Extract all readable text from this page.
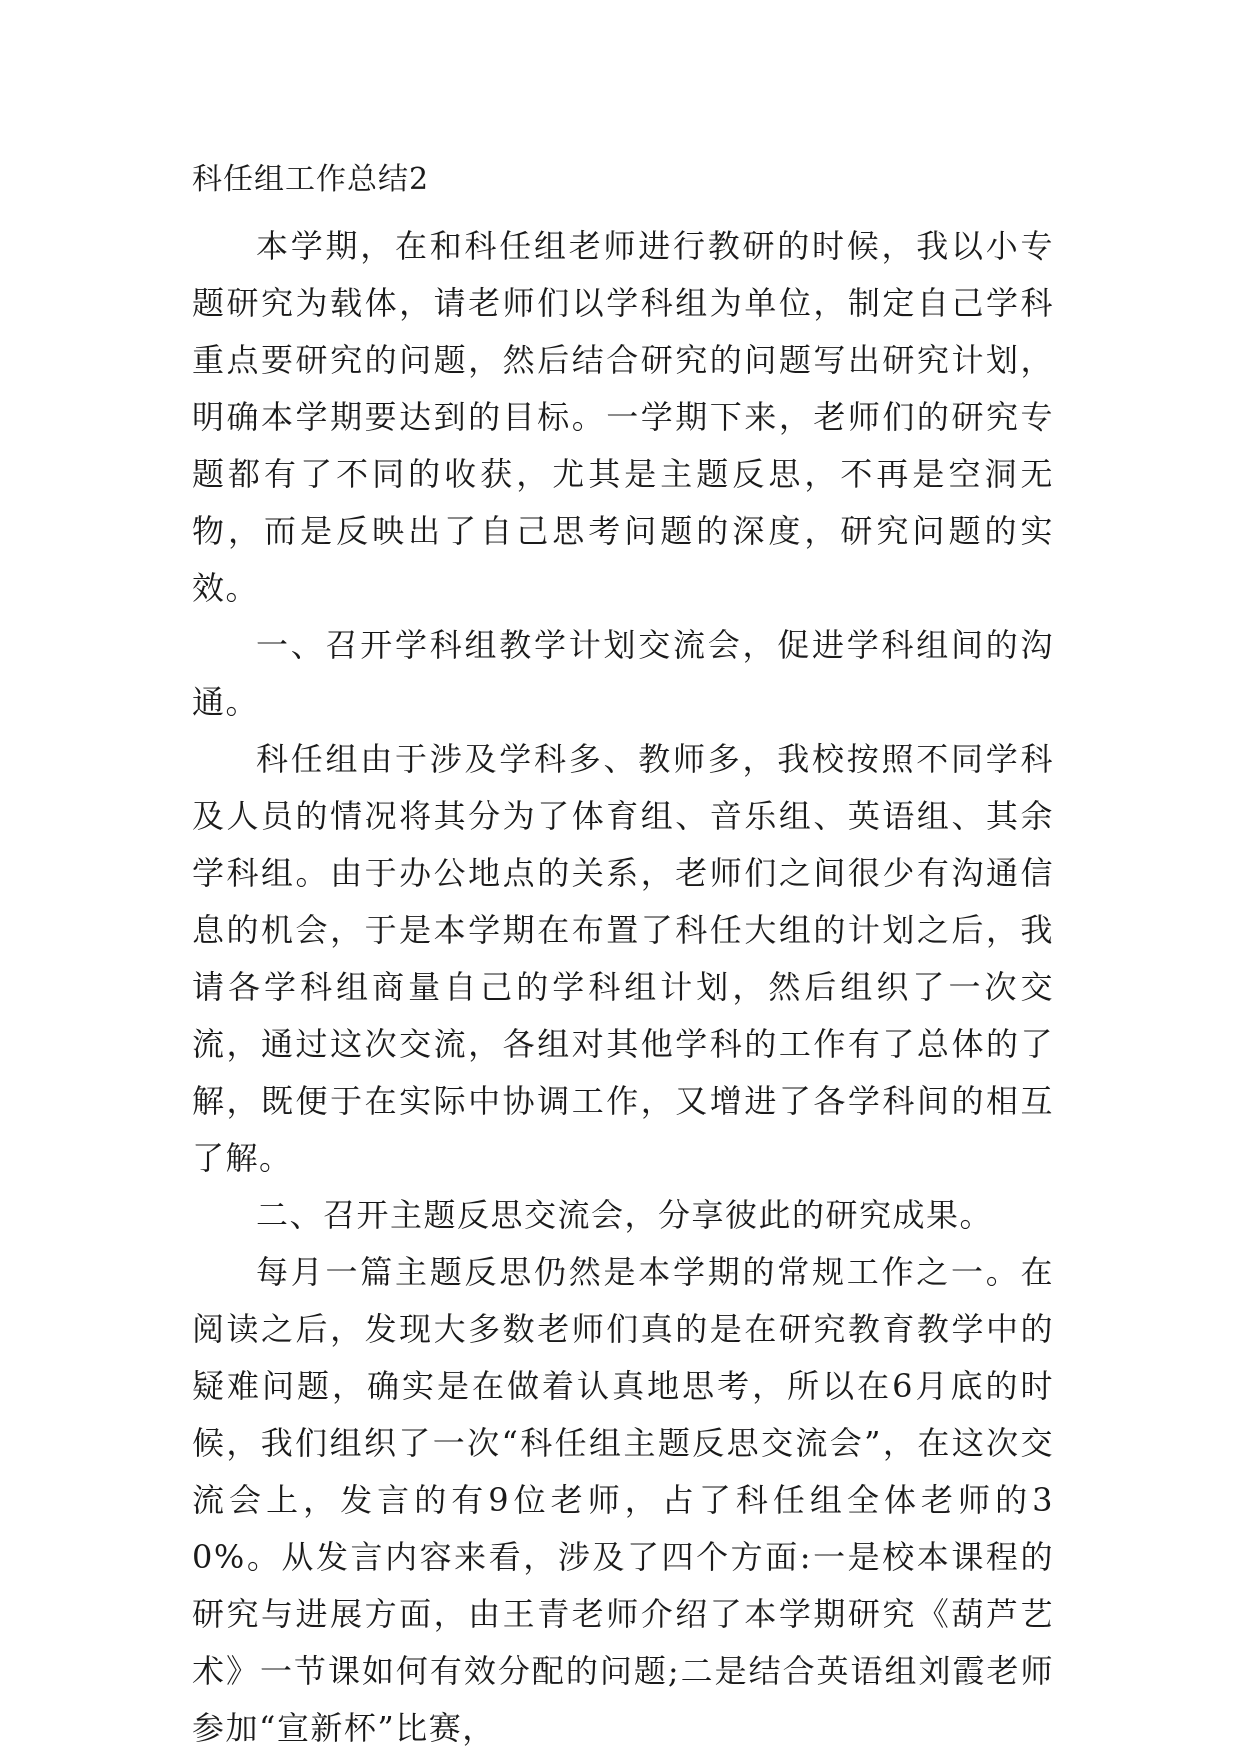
科任组工作总结2

本学期，在和科任组老师进行教研的时候，我以小专题研究为载体，请老师们以学科组为单位，制定自己学科重点要研究的问题，然后结合研究的问题写出研究计划，明确本学期要达到的目标。一学期下来，老师们的研究专题都有了不同的收获，尤其是主题反思，不再是空洞无物，而是反映出了自己思考问题的深度，研究问题的实效。

一、召开学科组教学计划交流会，促进学科组间的沟通。

科任组由于涉及学科多、教师多，我校按照不同学科及人员的情况将其分为了体育组、音乐组、英语组、其余学科组。由于办公地点的关系，老师们之间很少有沟通信息的机会，于是本学期在布置了科任大组的计划之后，我请各学科组商量自己的学科组计划，然后组织了一次交流，通过这次交流，各组对其他学科的工作有了总体的了解，既便于在实际中协调工作，又增进了各学科间的相互了解。

二、召开主题反思交流会，分享彼此的研究成果。

每月一篇主题反思仍然是本学期的常规工作之一。在阅读之后，发现大多数老师们真的是在研究教育教学中的疑难问题，确实是在做着认真地思考，所以在6月底的时候，我们组织了一次“科任组主题反思交流会”，在这次交流会上，发言的有9位老师，占了科任组全体老师的30%。从发言内容来看，涉及了四个方面:一是校本课程的研究与进展方面，由王青老师介绍了本学期研究《葫芦艺术》一节课如何有效分配的问题;二是结合英语组刘霞老师参加“宣新杯”比赛，
